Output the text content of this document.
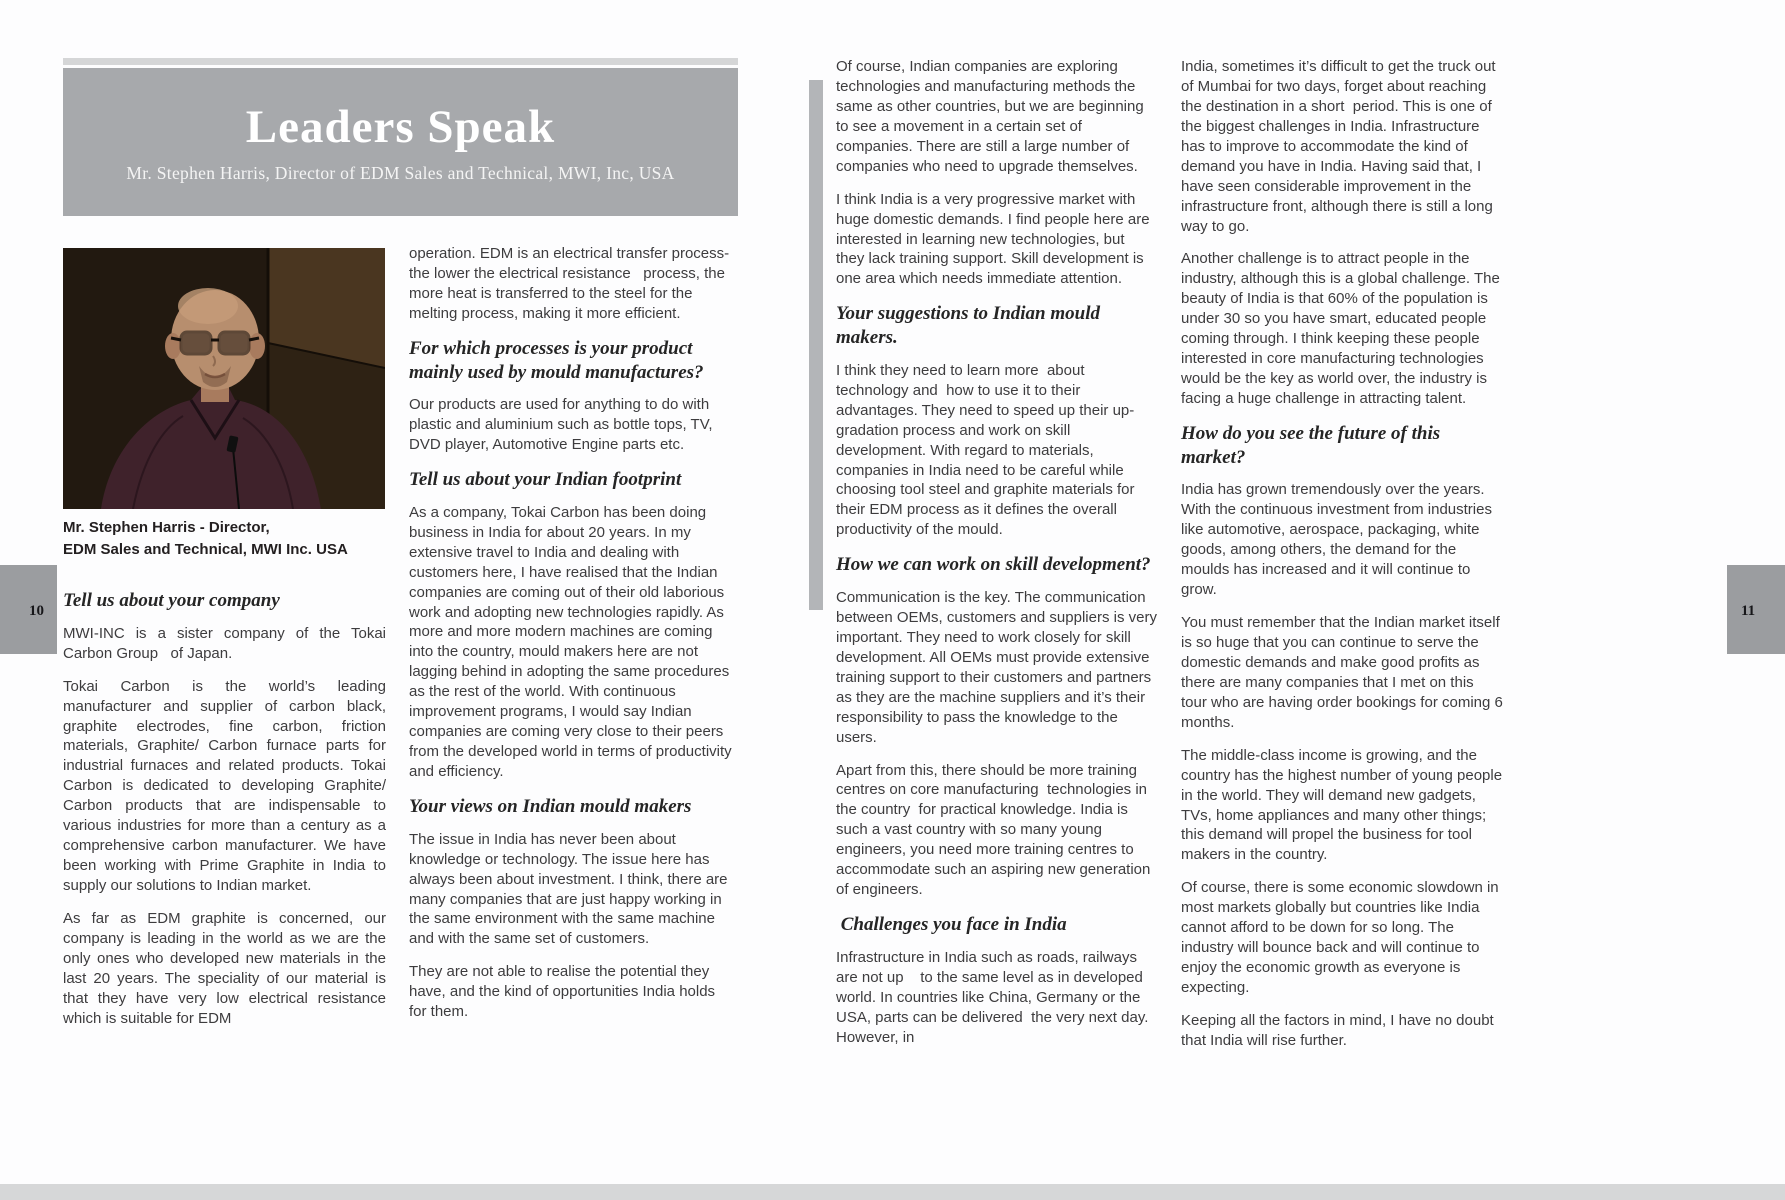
Leaders Speak
Mr. Stephen Harris, Director of EDM Sales and Technical, MWI, Inc, USA
Mr. Stephen Harris - Director,
EDM Sales and Technical, MWI Inc. USA
10	11
Tell us about your company
MWI-INC is a sister company of the Tokai Carbon Group   of Japan.
Tokai Carbon is the world’s leading manufacturer and supplier of carbon black, graphite electrodes, fine carbon, friction materials, Graphite/ Carbon furnace parts for industrial furnaces and related products. Tokai Carbon is dedicated to developing Graphite/ Carbon products that are indispensable to various industries for more than a century as a comprehensive carbon manufacturer. We have been working with Prime Graphite in India to supply our solutions to Indian market.
As far as EDM graphite is concerned, our company is leading in the world as we are the only ones who developed new materials in the last 20 years. The speciality of our material is that they have very low electrical resistance which is suitable for EDM
operation. EDM is an electrical transfer process- the lower the electrical resistance   process, the more heat is transferred to the steel for the melting process, making it more efficient.
For which processes is your product mainly used by mould manufactures?
Our products are used for anything to do with plastic and aluminium such as bottle tops, TV, DVD player, Automotive Engine parts etc.
Tell us about your Indian footprint
As a company, Tokai Carbon has been doing business in India for about 20 years. In my extensive travel to India and dealing with customers here, I have realised that the Indian companies are coming out of their old laborious work and adopting new technologies rapidly. As more and more modern machines are coming into the country, mould makers here are not lagging behind in adopting the same procedures as the rest of the world. With continuous improvement programs, I would say Indian companies are coming very close to their peers from the developed world in terms of productivity and efficiency.
Your views on Indian mould makers
The issue in India has never been about knowledge or technology. The issue here has always been about investment. I think, there are many companies that are just happy working in the same environment with the same machine and with the same set of customers.
They are not able to realise the potential they have, and the kind of opportunities India holds for them.
Of course, Indian companies are exploring technologies and manufacturing methods the same as other countries, but we are beginning to see a movement in a certain set of companies. There are still a large number of companies who need to upgrade themselves.
I think India is a very progressive market with huge domestic demands. I find people here are interested in learning new technologies, but they lack training support. Skill development is one area which needs immediate attention.
Your suggestions to Indian mould makers.
I think they need to learn more  about  technology and  how to use it to their advantages. They need to speed up their up-gradation process and work on skill development. With regard to materials, companies in India need to be careful while choosing tool steel and graphite materials for their EDM process as it defines the overall productivity of the mould.
How we can work on skill development?
Communication is the key. The communication between OEMs, customers and suppliers is very important. They need to work closely for skill development. All OEMs must provide extensive training support to their customers and partners as they are the machine suppliers and it’s their responsibility to pass the knowledge to the users.
Apart from this, there should be more training centres on core manufacturing  technologies in the country  for practical knowledge. India is such a vast country with so many young engineers, you need more training centres to accommodate such an aspiring new generation of engineers.
Challenges you face in India
Infrastructure in India such as roads, railways are not up    to the same level as in developed world. In countries like China, Germany or the USA, parts can be delivered  the very next day. However, in
India, sometimes it’s difficult to get the truck out of Mumbai for two days, forget about reaching the destination in a short  period. This is one of the biggest challenges in India. Infrastructure has to improve to accommodate the kind of demand you have in India. Having said that, I have seen considerable improvement in the infrastructure front, although there is still a long way to go.
Another challenge is to attract people in the industry, although this is a global challenge. The beauty of India is that 60% of the population is under 30 so you have smart, educated people coming through. I think keeping these people interested in core manufacturing technologies would be the key as world over, the industry is facing a huge challenge in attracting talent.
How do you see the future of this market?
India has grown tremendously over the years. With the continuous investment from industries like automotive, aerospace, packaging, white goods, among others, the demand for the moulds has increased and it will continue to grow.
You must remember that the Indian market itself is so huge that you can continue to serve the domestic demands and make good profits as there are many companies that I met on this tour who are having order bookings for coming 6 months.
The middle-class income is growing, and the country has the highest number of young people in the world. They will demand new gadgets, TVs, home appliances and many other things; this demand will propel the business for tool makers in the country.
Of course, there is some economic slowdown in most markets globally but countries like India cannot afford to be down for so long. The industry will bounce back and will continue to enjoy the economic growth as everyone is expecting.
Keeping all the factors in mind, I have no doubt that India will rise further.
